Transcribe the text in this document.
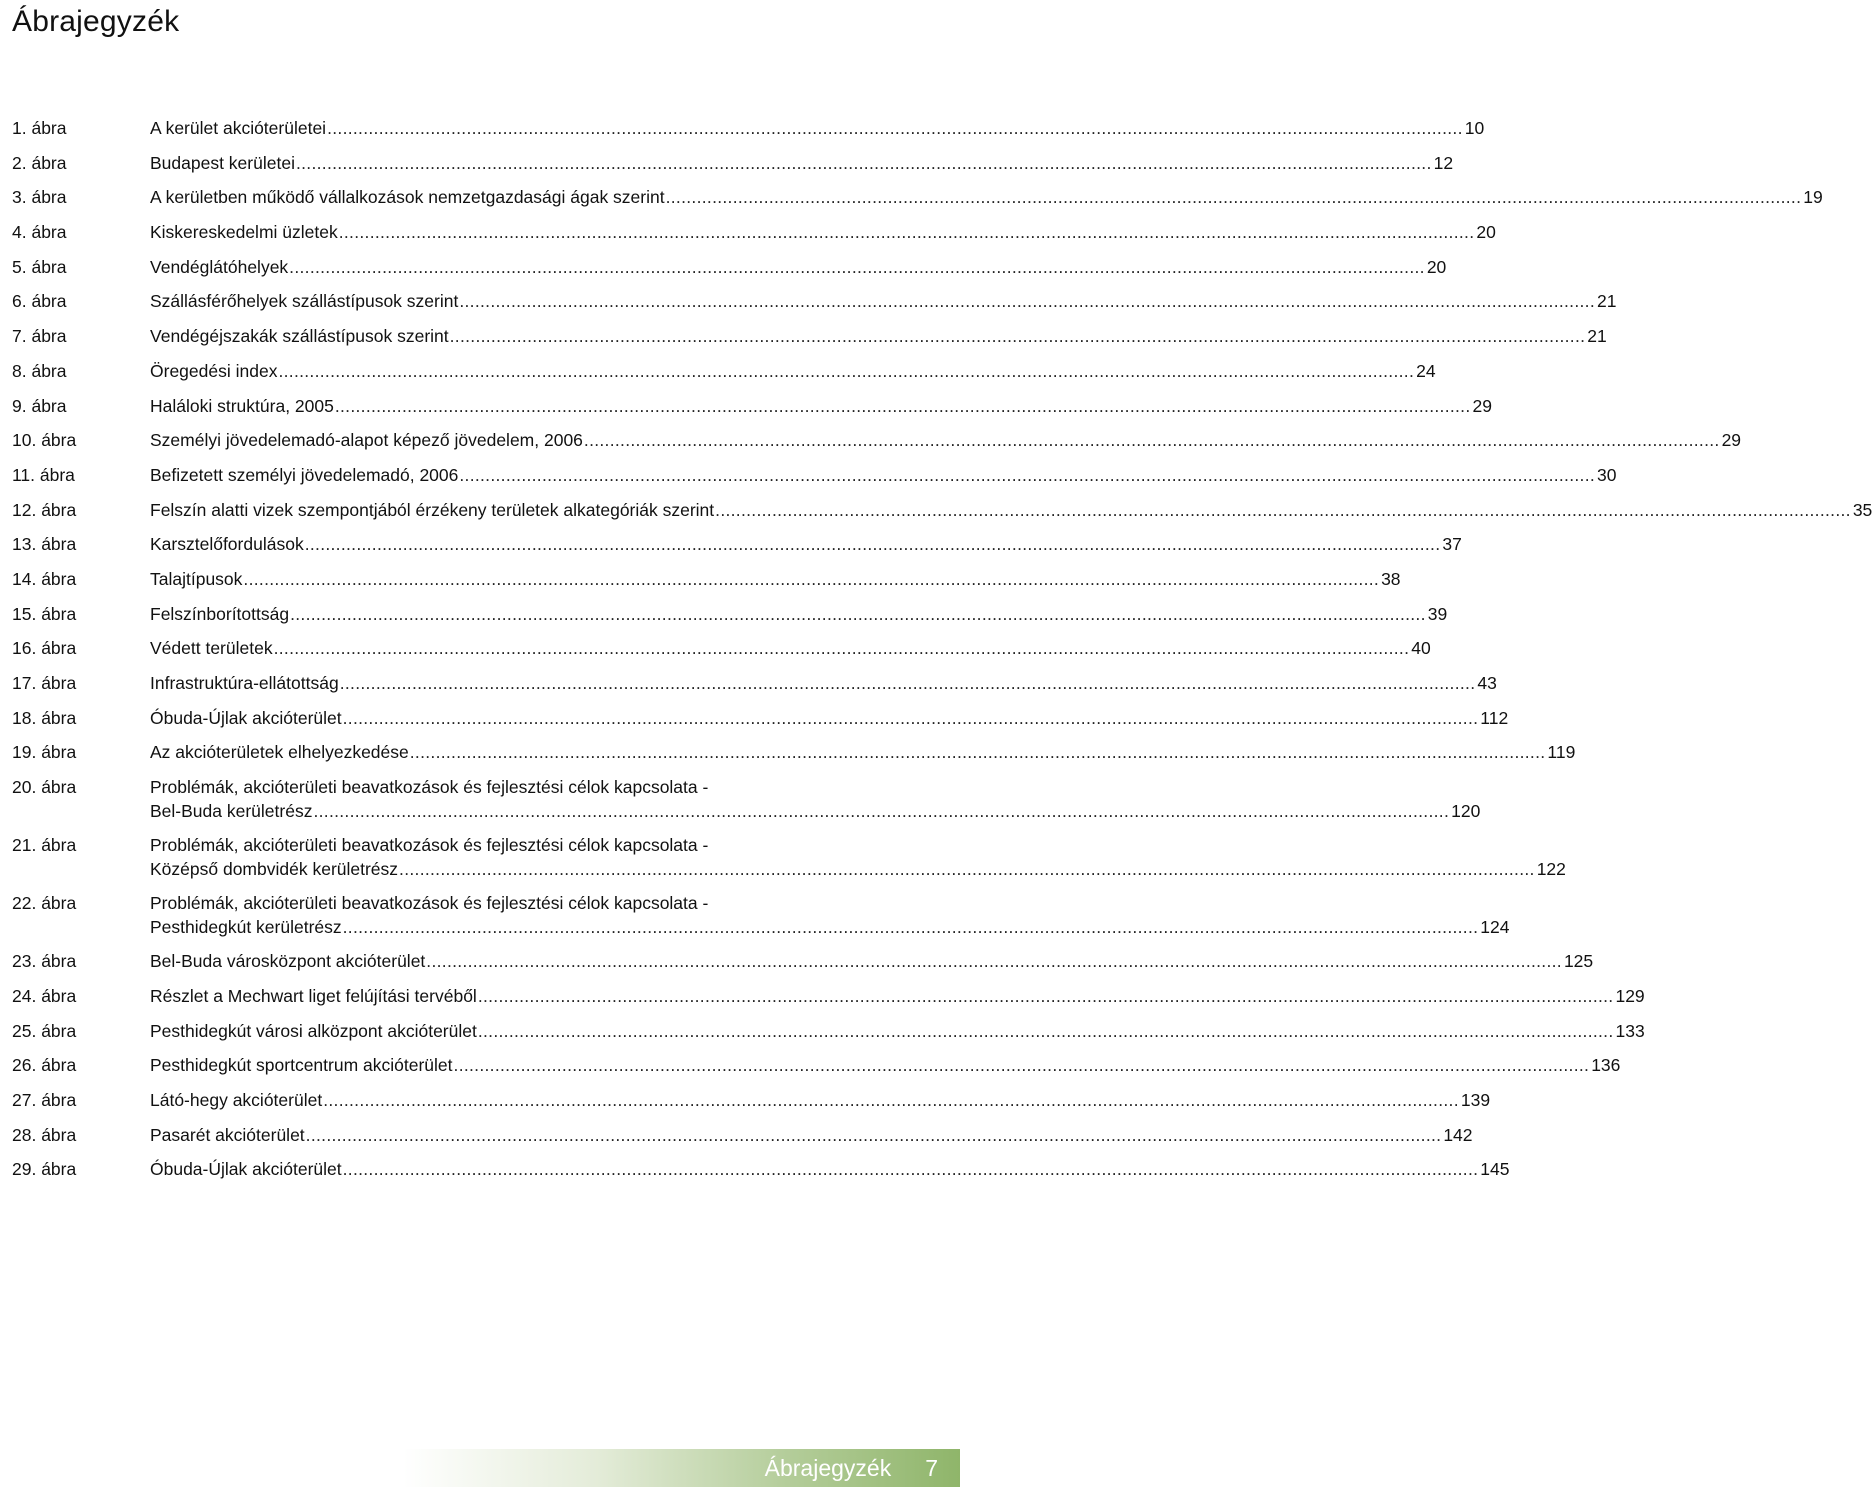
Ábrajegyzék
1. ábra	A kerület akcióterületei ............................................................................................................................................................................................................................ 10
2. ábra	Budapest kerületei ............................................................................................................................................................................................................................ 12
3. ábra	A kerületben működő vállalkozások nemzetgazdasági ágak szerint ............................................................................................................................................................................................................................ 19
4. ábra	Kiskereskedelmi üzletek ............................................................................................................................................................................................................................ 20
5. ábra	Vendéglátóhelyek ............................................................................................................................................................................................................................ 20
6. ábra	Szállásférőhelyek szállástípusok szerint ............................................................................................................................................................................................................................ 21
7. ábra	Vendégéjszakák szállástípusok szerint ............................................................................................................................................................................................................................ 21
8. ábra	Öregedési index ............................................................................................................................................................................................................................ 24
9. ábra	Haláloki struktúra, 2005 ............................................................................................................................................................................................................................ 29
10. ábra	Személyi jövedelemadó-alapot képező jövedelem, 2006 ............................................................................................................................................................................................................................ 29
11. ábra	Befizetett személyi jövedelemadó, 2006 ............................................................................................................................................................................................................................ 30
12. ábra	Felszín alatti vizek szempontjából érzékeny területek alkategóriák szerint ............................................................................................................................................................................................................................ 35
13. ábra	Karsztelőfordulások ............................................................................................................................................................................................................................ 37
14. ábra	Talajtípusok ............................................................................................................................................................................................................................ 38
15. ábra	Felszínborítottság ............................................................................................................................................................................................................................ 39
16. ábra	Védett területek ............................................................................................................................................................................................................................ 40
17. ábra	Infrastruktúra-ellátottság ............................................................................................................................................................................................................................ 43
18. ábra	Óbuda-Újlak akcióterület ............................................................................................................................................................................................................................ 112
19. ábra	Az akcióterületek elhelyezkedése ............................................................................................................................................................................................................................ 119
20. ábra	Problémák, akcióterületi beavatkozások és fejlesztési célok kapcsolata -
Bel-Buda kerületrész ............................................................................................................................................................................................................................ 120
21. ábra	Problémák, akcióterületi beavatkozások és fejlesztési célok kapcsolata -
Középső dombvidék kerületrész ............................................................................................................................................................................................................................ 122
22. ábra	Problémák, akcióterületi beavatkozások és fejlesztési célok kapcsolata -
Pesthidegkút kerületrész ............................................................................................................................................................................................................................ 124
23. ábra	Bel-Buda városközpont akcióterület ............................................................................................................................................................................................................................ 125
24. ábra	Részlet a Mechwart liget felújítási tervéből ............................................................................................................................................................................................................................ 129
25. ábra	Pesthidegkút városi alközpont akcióterület ............................................................................................................................................................................................................................ 133
26. ábra	Pesthidegkút sportcentrum akcióterület ............................................................................................................................................................................................................................ 136
27. ábra	Látó-hegy akcióterület ............................................................................................................................................................................................................................ 139
28. ábra	Pasarét akcióterület ............................................................................................................................................................................................................................ 142
29. ábra	Óbuda-Újlak akcióterület ............................................................................................................................................................................................................................ 145
Ábrajegyzék 7
